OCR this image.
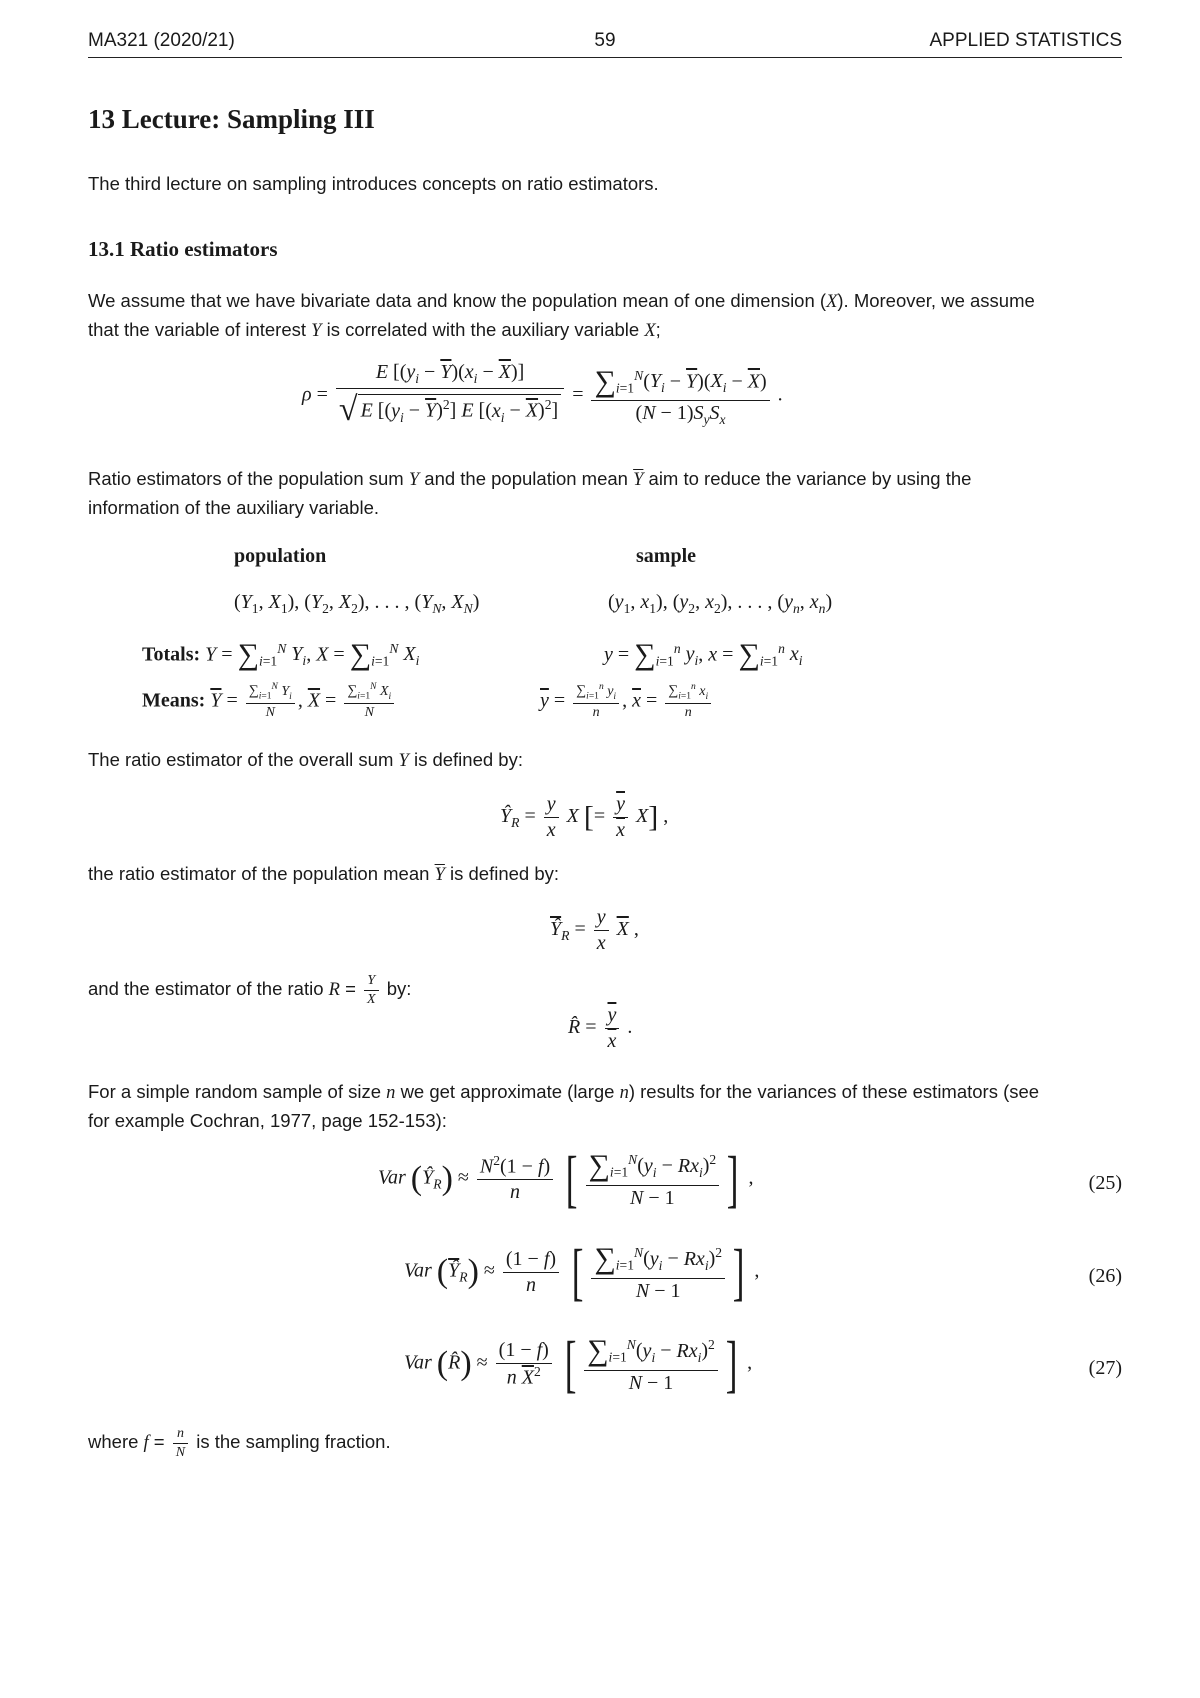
MA321 (2020/21)	59	APPLIED STATISTICS
13 Lecture: Sampling III
The third lecture on sampling introduces concepts on ratio estimators.
13.1 Ratio estimators
We assume that we have bivariate data and know the population mean of one dimension (X). Moreover, we assume
that the variable of interest Y is correlated with the auxiliary variable X;
$\rho = \frac{E [(y_i - \overline{Y})(x_i - \overline{X})]}{√ E [(y_i - \overline{Y})^2] E [(x_i - \overline{X})^2]} = \frac{\sum_{i=1}^N(Y_i - \overline{Y})(X_i - \overline{X})}{(N - 1)S_yS_x}$ .
Ratio estimators of the population sum Y and the population mean $\overline{Y}$ aim to reduce the variance by using the
information of the auxiliary variable.
population	sample
($Y_1$, $X_1$), ($Y_2$, $X_2$), . . . , ($Y_N$, $X_N$)	($y_1$, $x_1$), ($y_2$, $x_2$), . . . , ($y_n$, $x_n$)
Totals: $Y = \sum_{i=1}^N$ $Y_i$, $X = \sum_{i=1}^N$ $X_i$	$y = \sum_{i=1}^n$ $y_i$, $x = \sum_{i=1}^n$ $x_i$
Means: $\overline{Y} = \frac{\sum_{i=1}^N Y_i}{N}$ , $\overline{X} = \frac{\sum_{i=1}^N X_i}{N}$	$\overline{y} = \frac{\sum_{i=1}^n y_i}{n}$ , $\overline{x} = \frac{\sum_{i=1}^n x_i}{n}$
The ratio estimator of the overall sum Y is defined by:
$Ŷ_R = \frac{y}{x}$ X [= $\frac{\overline{y}}{x} X$] ,
the ratio estimator of the population mean $\overline{Y}$ is defined by:
$\overline{Ŷ}_R = \frac{y}{x} \overline{X}$ ,
and the estimator of the ratio $R = \frac{Y}{X}$ by:
R̂ = $\frac{\overline{y}}{x}$ .
For a simple random sample of size n we get approximate (large n) results for the variances of these estimators (see
for example Cochran, 1977, page 152-153):
Var $(Ŷ_R) \approx \frac{N^2(1 - f)}{n}$ [ $\frac{\sum_{i=1}^N(y_i - Rx_i)^2}{N - 1}$ ] ,	(25)
Var $(\overline{Ŷ}_R) \approx \frac{(1 - f)}{n}$ [ $\frac{\sum_{i=1}^N(y_i - Rx_i)^2}{N - 1}$ ] ,	(26)
Var (R̂) ≈ $\frac{(1 - f)}{n \overline{X}^2}$ [ $\frac{\sum_{i=1}^N(y_i - Rx_i)^2}{N - 1}$ ] ,	(27)
where $f = \frac{n}{N}$ is the sampling fraction.
